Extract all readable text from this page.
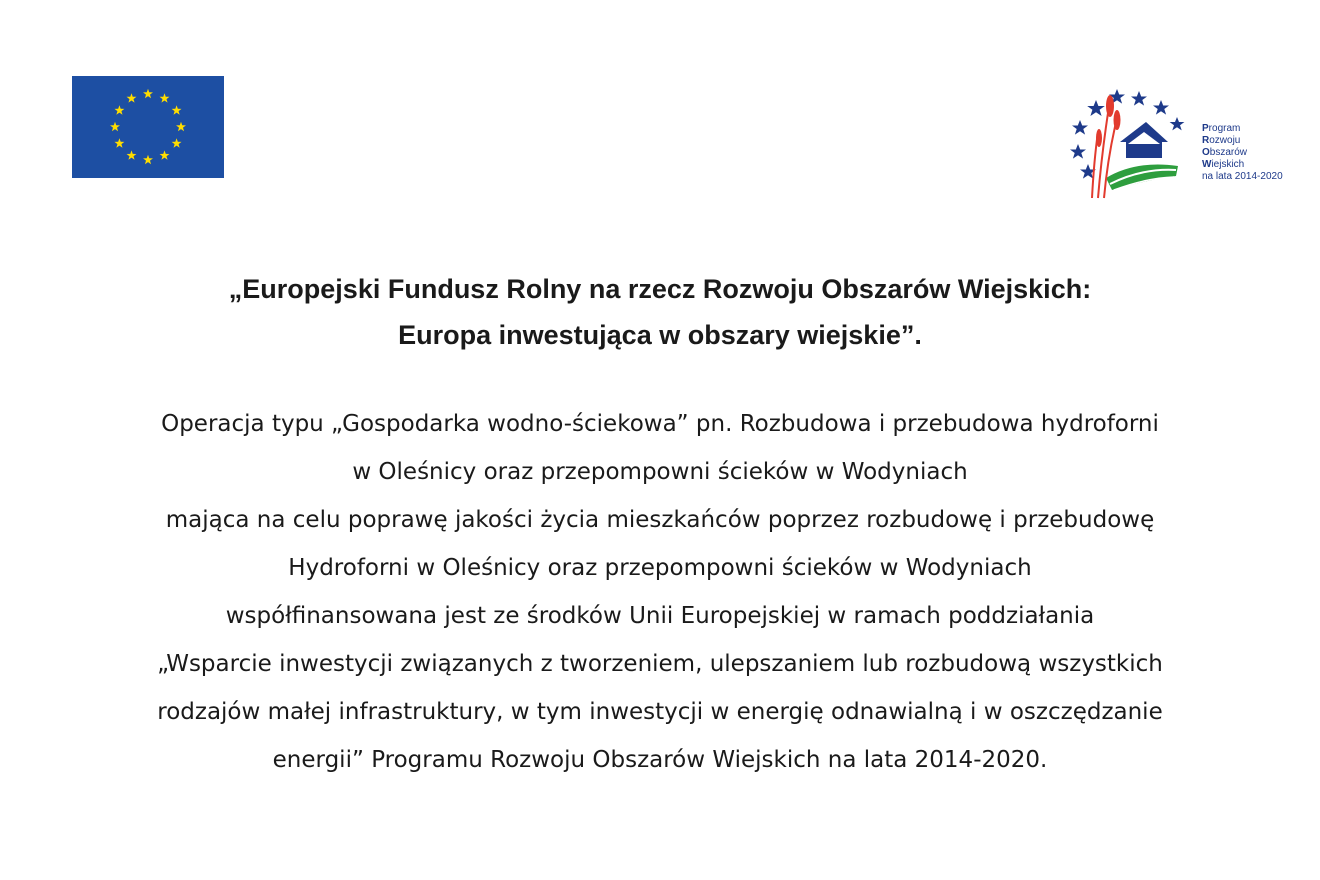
Program
Rozwoju
Obszarów
Wiejskich
na lata 2014-2020
„Europejski Fundusz Rolny na rzecz Rozwoju Obszarów Wiejskich:
Europa inwestująca w obszary wiejskie”.
Operacja typu „Gospodarka wodno-ściekowa” pn. Rozbudowa i przebudowa hydroforni
w Oleśnicy oraz przepompowni ścieków w Wodyniach
mająca na celu poprawę jakości życia mieszkańców poprzez rozbudowę i przebudowę
Hydroforni w Oleśnicy oraz przepompowni ścieków w Wodyniach
współfinansowana jest ze środków Unii Europejskiej w ramach poddziałania
„Wsparcie inwestycji związanych z tworzeniem, ulepszaniem lub rozbudową wszystkich
rodzajów małej infrastruktury, w tym inwestycji w energię odnawialną i w oszczędzanie
energii” Programu Rozwoju Obszarów Wiejskich na lata 2014-2020.
